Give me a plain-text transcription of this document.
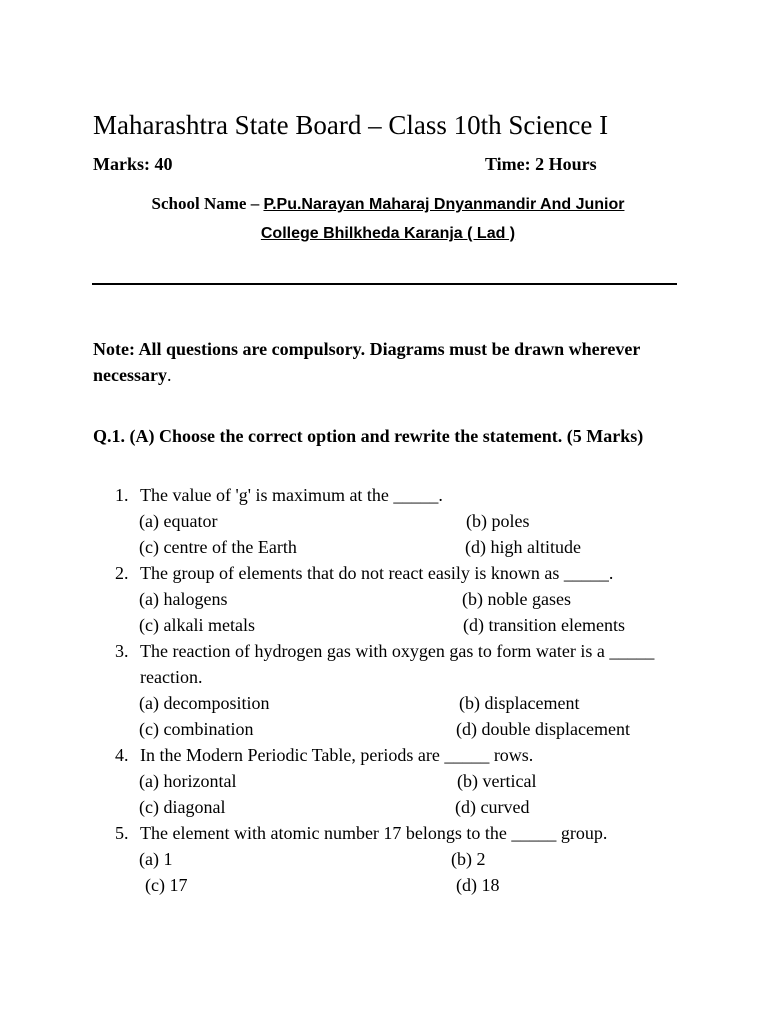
Maharashtra State Board – Class 10th Science I
Marks: 40	Time: 2 Hours
School Name – P.Pu.Narayan Maharaj Dnyanmandir And Junior
College Bhilkheda Karanja ( Lad )
Note: All questions are compulsory. Diagrams must be drawn wherever necessary.
Q.1. (A) Choose the correct option and rewrite the statement. (5 Marks)
1. The value of 'g' is maximum at the _____.
(a) equator	(b) poles
(c) centre of the Earth	(d) high altitude
2. The group of elements that do not react easily is known as _____.
(a) halogens	(b) noble gases
(c) alkali metals	(d) transition elements
3. The reaction of hydrogen gas with oxygen gas to form water is a _____ reaction.
(a) decomposition	(b) displacement
(c) combination	(d) double displacement
4. In the Modern Periodic Table, periods are _____ rows.
(a) horizontal	(b) vertical
(c) diagonal	(d) curved
5. The element with atomic number 17 belongs to the _____ group.
(a) 1	(b) 2
(c) 17	(d) 18
